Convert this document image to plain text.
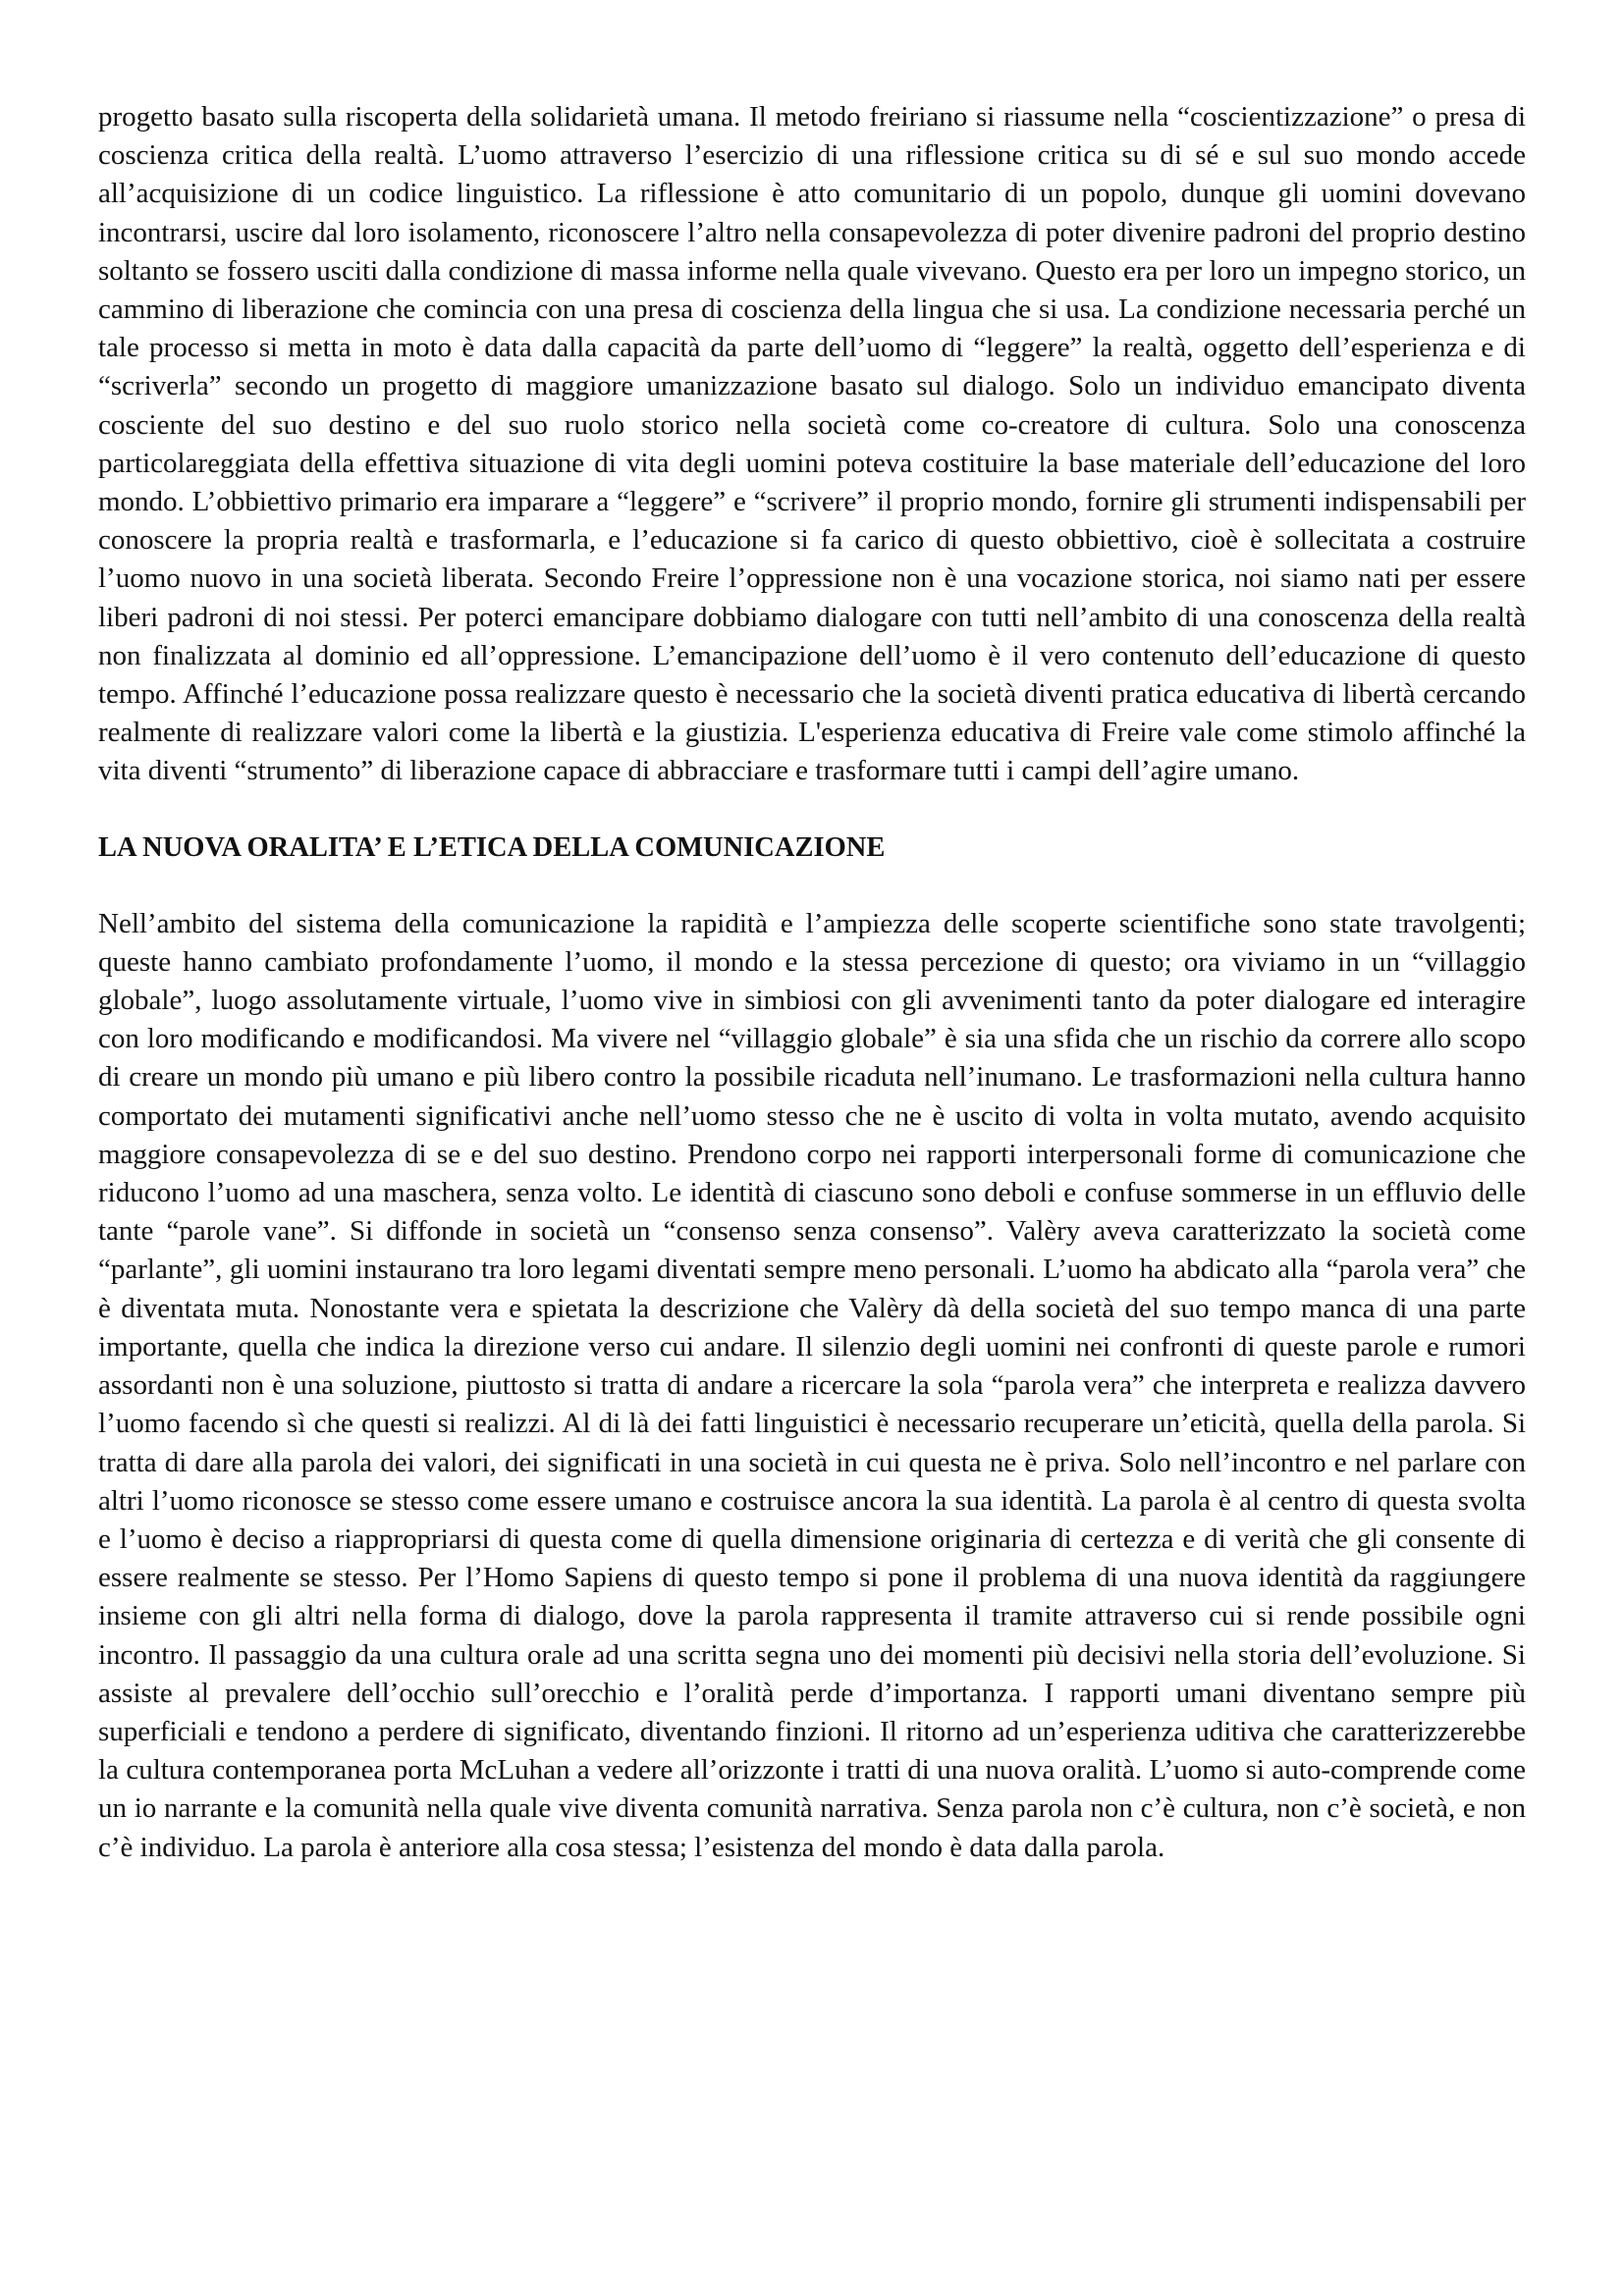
progetto basato sulla riscoperta della solidarietà umana. Il metodo freiriano si riassume nella “coscientizzazione” o presa di coscienza critica della realtà. L’uomo attraverso l’esercizio di una riflessione critica su di sé e sul suo mondo accede all’acquisizione di un codice linguistico. La riflessione è atto comunitario di un popolo, dunque gli uomini dovevano incontrarsi, uscire dal loro isolamento, riconoscere l’altro nella consapevolezza di poter divenire padroni del proprio destino soltanto se fossero usciti dalla condizione di massa informe nella quale vivevano. Questo era per loro un impegno storico, un cammino di liberazione che comincia con una presa di coscienza della lingua che si usa. La condizione necessaria perché un tale processo si metta in moto è data dalla capacità da parte dell’uomo di “leggere” la realtà, oggetto dell’esperienza e di “scriverla” secondo un progetto di maggiore umanizzazione basato sul dialogo. Solo un individuo emancipato diventa cosciente del suo destino e del suo ruolo storico nella società come co-creatore di cultura. Solo una conoscenza particolareggiata della effettiva situazione di vita degli uomini poteva costituire la base materiale dell’educazione del loro mondo. L’obbiettivo primario era imparare a “leggere” e “scrivere” il proprio mondo, fornire gli strumenti indispensabili per conoscere la propria realtà e trasformarla, e l’educazione si fa carico di questo obbiettivo, cioè è sollecitata a costruire l’uomo nuovo in una società liberata. Secondo Freire l’oppressione non è una vocazione storica, noi siamo nati per essere liberi padroni di noi stessi. Per poterci emancipare dobbiamo dialogare con tutti nell’ambito di una conoscenza della realtà non finalizzata al dominio ed all’oppressione. L’emancipazione dell’uomo è il vero contenuto dell’educazione di questo tempo. Affinché l’educazione possa realizzare questo è necessario che la società diventi pratica educativa di libertà cercando realmente di realizzare valori come la libertà e la giustizia. L'esperienza educativa di Freire vale come stimolo affinché la vita diventi “strumento” di liberazione capace di abbracciare e trasformare tutti i campi dell’agire umano.

LA NUOVA ORALITA’ E L’ETICA DELLA COMUNICAZIONE

Nell’ambito del sistema della comunicazione la rapidità e l’ampiezza delle scoperte scientifiche sono state travolgenti; queste hanno cambiato profondamente l’uomo, il mondo e la stessa percezione di questo; ora viviamo in un “villaggio globale”, luogo assolutamente virtuale, l’uomo vive in simbiosi con gli avvenimenti tanto da poter dialogare ed interagire con loro modificando e modificandosi. Ma vivere nel “villaggio globale” è sia una sfida che un rischio da correre allo scopo di creare un mondo più umano e più libero contro la possibile ricaduta nell’inumano. Le trasformazioni nella cultura hanno comportato dei mutamenti significativi anche nell’uomo stesso che ne è uscito di volta in volta mutato, avendo acquisito maggiore consapevolezza di se e del suo destino. Prendono corpo nei rapporti interpersonali forme di comunicazione che riducono l’uomo ad una maschera, senza volto. Le identità di ciascuno sono deboli e confuse sommerse in un effluvio delle tante “parole vane”. Si diffonde in società un “consenso senza consenso”. Valèry aveva caratterizzato la società come “parlante”, gli uomini instaurano tra loro legami diventati sempre meno personali. L’uomo ha abdicato alla “parola vera” che è diventata muta. Nonostante vera e spietata la descrizione che Valèry dà della società del suo tempo manca di una parte importante, quella che indica la direzione verso cui andare. Il silenzio degli uomini nei confronti di queste parole e rumori assordanti non è una soluzione, piuttosto si tratta di andare a ricercare la sola “parola vera” che interpreta e realizza davvero l’uomo facendo sì che questi si realizzi. Al di là dei fatti linguistici è necessario recuperare un’eticità, quella della parola. Si tratta di dare alla parola dei valori, dei significati in una società in cui questa ne è priva. Solo nell’incontro e nel parlare con altri l’uomo riconosce se stesso come essere umano e costruisce ancora la sua identità. La parola è al centro di questa svolta e l’uomo è deciso a riappropriarsi di questa come di quella dimensione originaria di certezza e di verità che gli consente di essere realmente se stesso. Per l’Homo Sapiens di questo tempo si pone il problema di una nuova identità da raggiungere insieme con gli altri nella forma di dialogo, dove la parola rappresenta il tramite attraverso cui si rende possibile ogni incontro. Il passaggio da una cultura orale ad una scritta segna uno dei momenti più decisivi nella storia dell’evoluzione. Si assiste al prevalere dell’occhio sull’orecchio e l’oralità perde d’importanza. I rapporti umani diventano sempre più superficiali e tendono a perdere di significato, diventando finzioni. Il ritorno ad un’esperienza uditiva che caratterizzerebbe la cultura contemporanea porta McLuhan a vedere all’orizzonte i tratti di una nuova oralità. L’uomo si auto-comprende come un io narrante e la comunità nella quale vive diventa comunità narrativa. Senza parola non c’è cultura, non c’è società, e non c’è individuo. La parola è anteriore alla cosa stessa; l’esistenza del mondo è data dalla parola.
